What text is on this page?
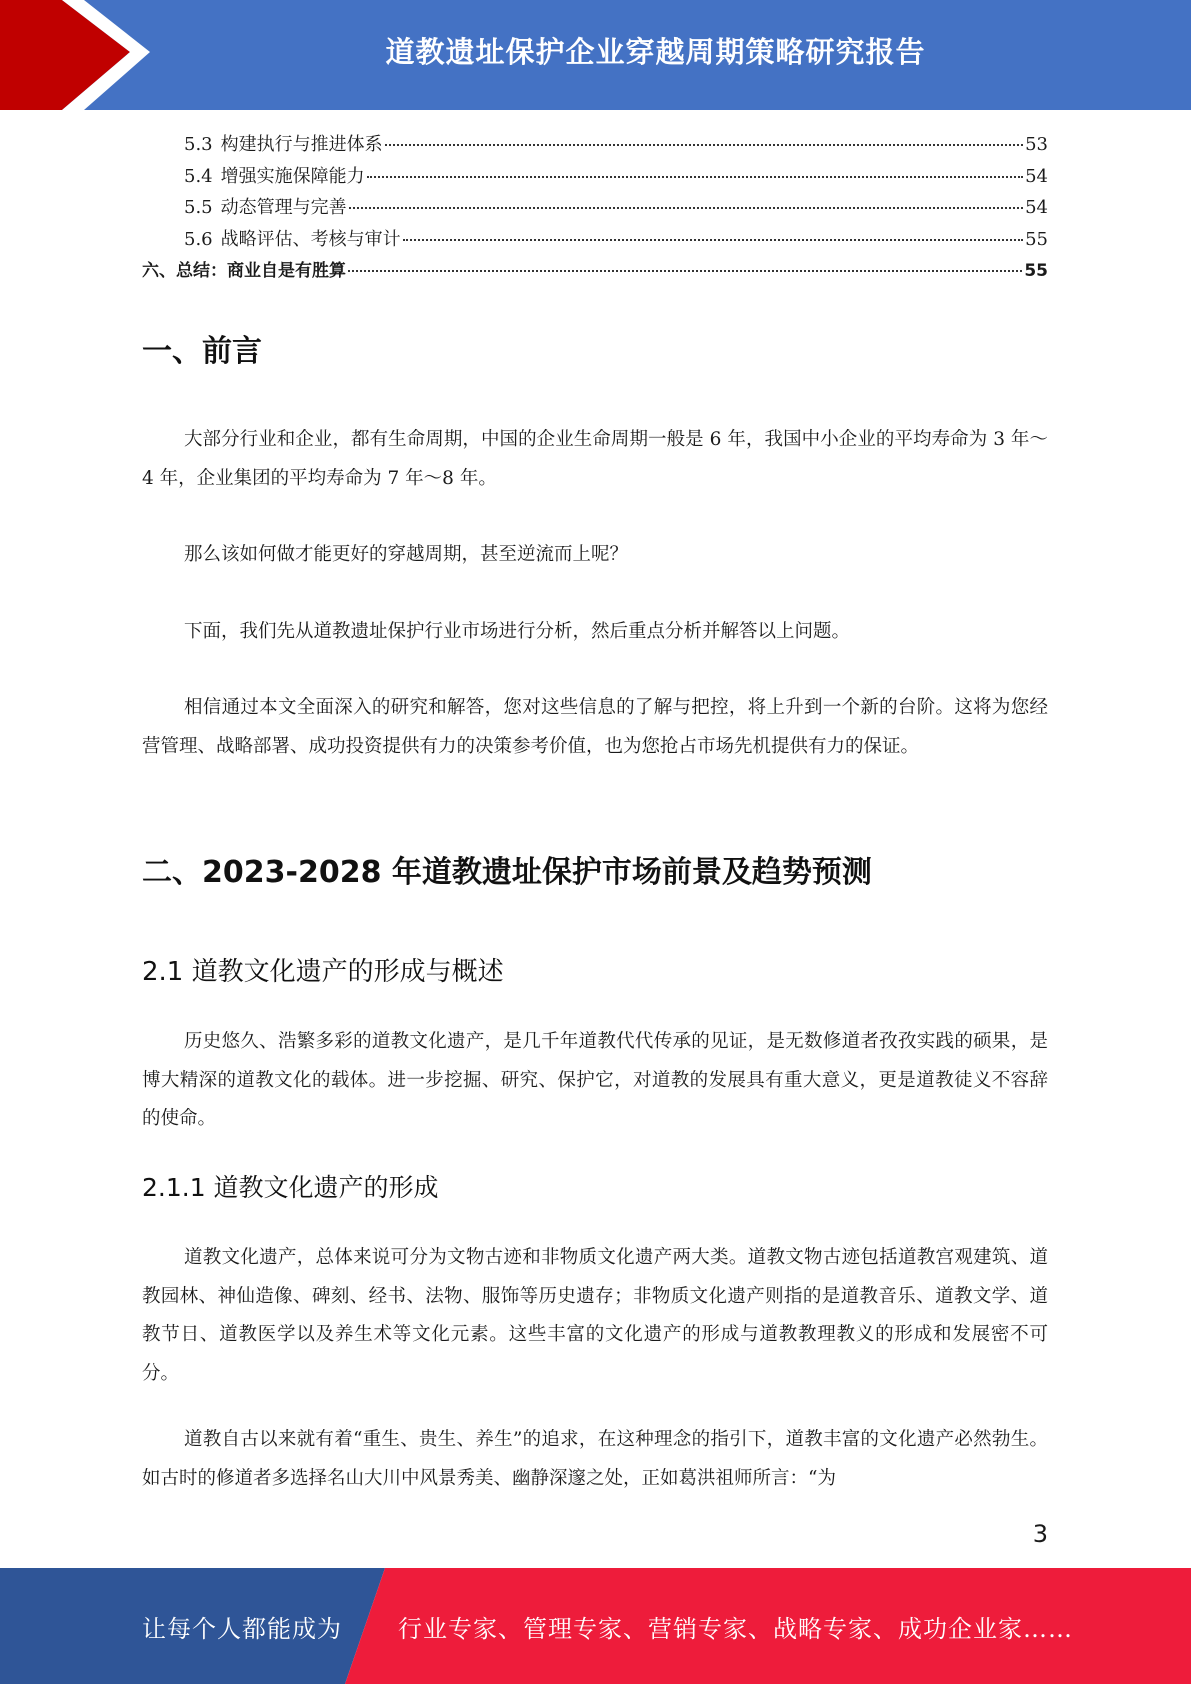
道教遗址保护企业穿越周期策略研究报告
5.3 构建执行与推进体系	53
5.4 增强实施保障能力	54
5.5 动态管理与完善	54
5.6 战略评估、考核与审计	55
六、总结：商业自是有胜算	55
一、前言

大部分行业和企业，都有生命周期，中国的企业生命周期一般是 6 年，我国中小企业的平均寿命为 3 年～4 年，企业集团的平均寿命为 7 年～8 年。

那么该如何做才能更好的穿越周期，甚至逆流而上呢？

下面，我们先从道教遗址保护行业市场进行分析，然后重点分析并解答以上问题。

相信通过本文全面深入的研究和解答，您对这些信息的了解与把控，将上升到一个新的台阶。这将为您经营管理、战略部署、成功投资提供有力的决策参考价值，也为您抢占市场先机提供有力的保证。

二、2023-2028 年道教遗址保护市场前景及趋势预测
2.1 道教文化遗产的形成与概述

历史悠久、浩繁多彩的道教文化遗产，是几千年道教代代传承的见证，是无数修道者孜孜实践的硕果，是博大精深的道教文化的载体。进一步挖掘、研究、保护它，对道教的发展具有重大意义，更是道教徒义不容辞的使命。

2.1.1 道教文化遗产的形成

道教文化遗产，总体来说可分为文物古迹和非物质文化遗产两大类。道教文物古迹包括道教宫观建筑、道教园林、神仙造像、碑刻、经书、法物、服饰等历史遗存；非物质文化遗产则指的是道教音乐、道教文学、道教节日、道教医学以及养生术等文化元素。这些丰富的文化遗产的形成与道教教理教义的形成和发展密不可分。

道教自古以来就有着“重生、贵生、养生”的追求，在这种理念的指引下，道教丰富的文化遗产必然勃生。如古时的修道者多选择名山大川中风景秀美、幽静深邃之处，正如葛洪祖师所言：“为

3
让每个人都能成为 行业专家、管理专家、营销专家、战略专家、成功企业家……
